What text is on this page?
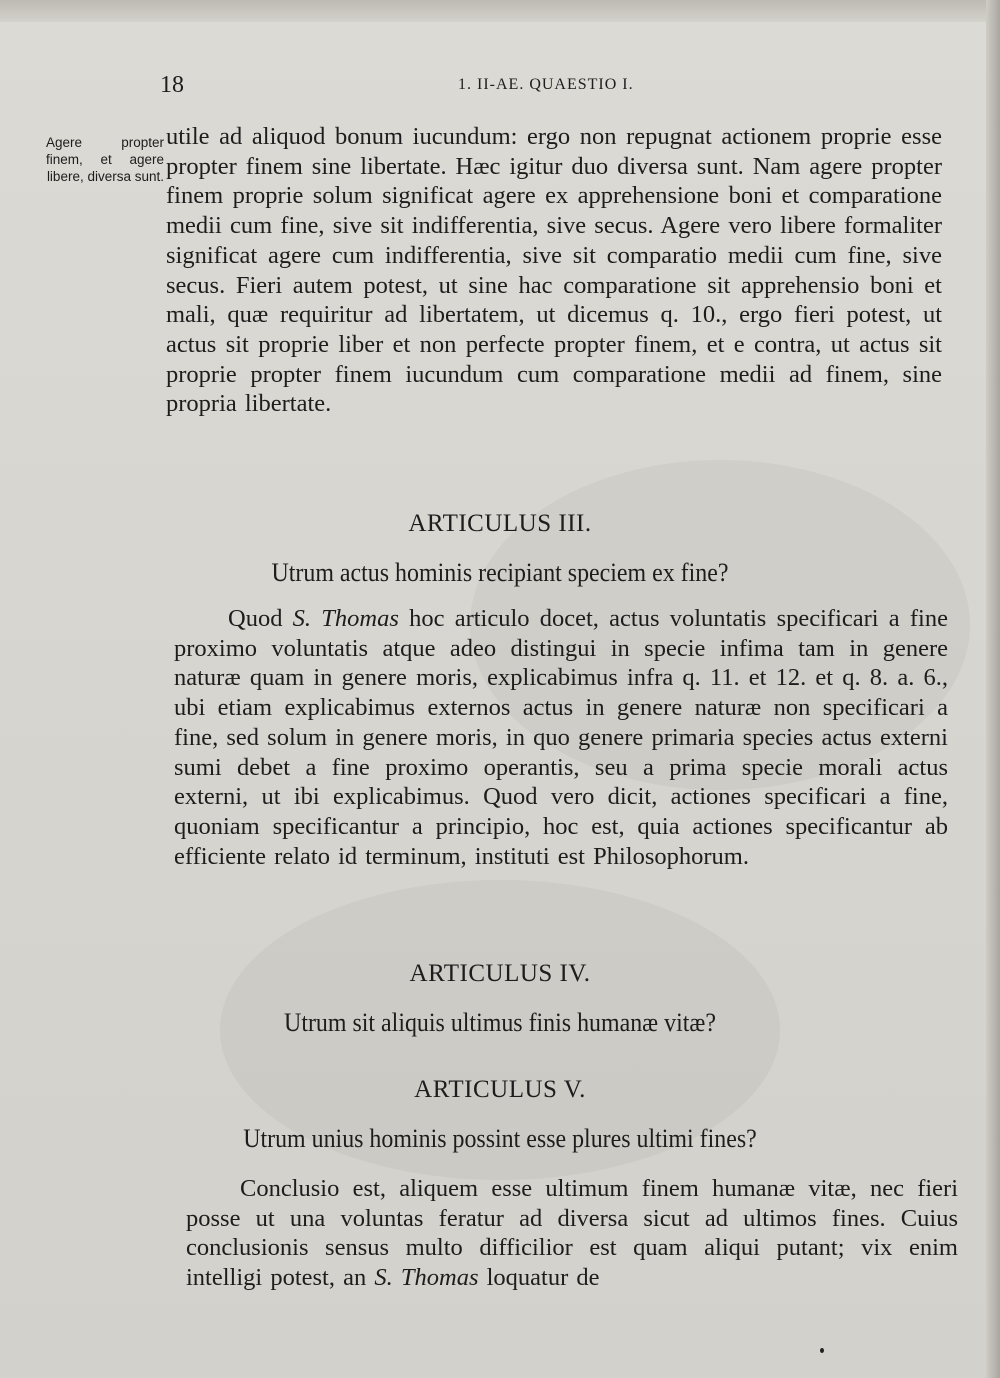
18	1. II-AE. QUAESTIO I.
Agere propter finem, et agere libere, diversa sunt.
utile ad aliquod bonum iucundum: ergo non repugnat actionem proprie esse propter finem sine libertate. Hæc igitur duo diversa sunt. Nam agere propter finem proprie solum significat agere ex apprehensione boni et comparatione medii cum fine, sive sit indifferentia, sive secus. Agere vero libere formaliter significat agere cum indifferentia, sive sit comparatio medii cum fine, sive secus. Fieri autem potest, ut sine hac comparatione sit apprehensio boni et mali, quæ requiritur ad libertatem, ut dicemus q. 10., ergo fieri potest, ut actus sit proprie liber et non perfecte propter finem, et e contra, ut actus sit proprie propter finem iucundum cum comparatione medii ad finem, sine propria libertate.
ARTICULUS III.
Utrum actus hominis recipiant speciem ex fine?
Quod S. Thomas hoc articulo docet, actus voluntatis specificari a fine proximo voluntatis atque adeo distingui in specie infima tam in genere naturæ quam in genere moris, explicabimus infra q. 11. et 12. et q. 8. a. 6., ubi etiam explicabimus externos actus in genere naturæ non specificari a fine, sed solum in genere moris, in quo genere primaria species actus externi sumi debet a fine proximo operantis, seu a prima specie morali actus externi, ut ibi explicabimus. Quod vero dicit, actiones specificari a fine, quoniam specificantur a principio, hoc est, quia actiones specificantur ab efficiente relato id terminum, instituti est Philosophorum.
ARTICULUS IV.
Utrum sit aliquis ultimus finis humanæ vitæ?
ARTICULUS V.
Utrum unius hominis possint esse plures ultimi fines?
Conclusio est, aliquem esse ultimum finem humanæ vitæ, nec fieri posse ut una voluntas feratur ad diversa sicut ad ultimos fines. Cuius conclusionis sensus multo difficilior est quam aliqui putant; vix enim intelligi potest, an S. Thomas loquatur de
